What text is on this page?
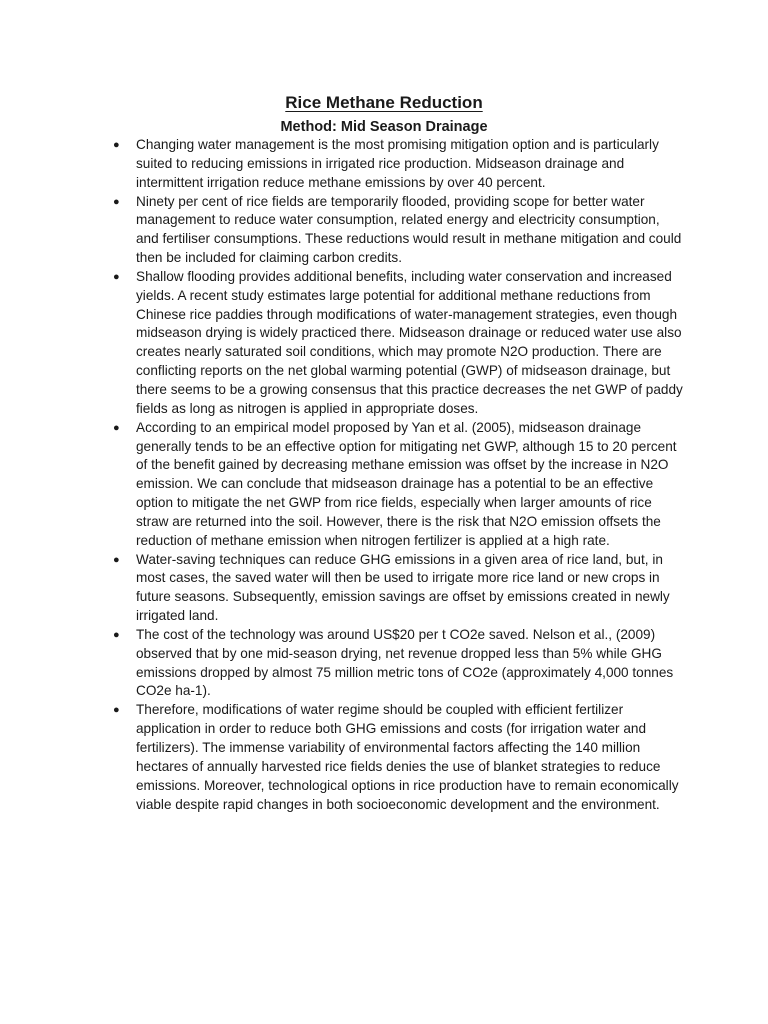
Rice Methane Reduction
Method: Mid Season Drainage
● Changing water management is the most promising mitigation option and is particularly suited to reducing emissions in irrigated rice production. Midseason drainage and intermittent irrigation reduce methane emissions by over 40 percent.
● Ninety per cent of rice fields are temporarily flooded, providing scope for better water management to reduce water consumption, related energy and electricity consumption, and fertiliser consumptions. These reductions would result in methane mitigation and could then be included for claiming carbon credits.
● Shallow flooding provides additional benefits, including water conservation and increased yields. A recent study estimates large potential for additional methane reductions from Chinese rice paddies through modifications of water-management strategies, even though midseason drying is widely practiced there. Midseason drainage or reduced water use also creates nearly saturated soil conditions, which may promote N2O production. There are conflicting reports on the net global warming potential (GWP) of midseason drainage, but there seems to be a growing consensus that this practice decreases the net GWP of paddy fields as long as nitrogen is applied in appropriate doses.
● According to an empirical model proposed by Yan et al. (2005), midseason drainage generally tends to be an effective option for mitigating net GWP, although 15 to 20 percent of the benefit gained by decreasing methane emission was offset by the increase in N2O emission. We can conclude that midseason drainage has a potential to be an effective option to mitigate the net GWP from rice fields, especially when larger amounts of rice straw are returned into the soil. However, there is the risk that N2O emission offsets the reduction of methane emission when nitrogen fertilizer is applied at a high rate.
● Water-saving techniques can reduce GHG emissions in a given area of rice land, but, in most cases, the saved water will then be used to irrigate more rice land or new crops in future seasons. Subsequently, emission savings are offset by emissions created in newly irrigated land.
● The cost of the technology was around US$20 per t CO2e saved. Nelson et al., (2009) observed that by one mid-season drying, net revenue dropped less than 5% while GHG emissions dropped by almost 75 million metric tons of CO2e (approximately 4,000 tonnes CO2e ha-1).
● Therefore, modifications of water regime should be coupled with efficient fertilizer application in order to reduce both GHG emissions and costs (for irrigation water and fertilizers). The immense variability of environmental factors affecting the 140 million hectares of annually harvested rice fields denies the use of blanket strategies to reduce emissions. Moreover, technological options in rice production have to remain economically viable despite rapid changes in both socioeconomic development and the environment.
